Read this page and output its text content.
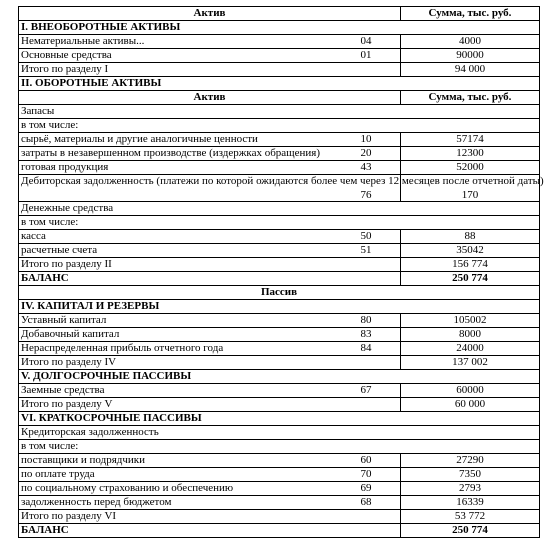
Актив		Сумма, тыс. руб.
I. ВНЕОБОРОТНЫЕ АКТИВЫ		
Нематериальные активы...	04	4000
Основные средства	01	90000
Итого по разделу I		94 000
II. ОБОРОТНЫЕ АКТИВЫ		
Актив		Сумма, тыс. руб.
Запасы		
в том числе:		
сырьё, материалы и другие аналогичные ценности	10	57174
затраты в незавершенном производстве (издержках обращения)	20	12300
готовая продукция	43	52000
Дебиторская задолженность (платежи по которой ожидаются более чем через 12 месяцев после отчетной даты)	76	170
Денежные средства		
в том числе:		
касса	50	88
расчетные счета	51	35042
Итого по разделу II		156 774
БАЛАНС		250 774
Пассив		
IV. КАПИТАЛ И РЕЗЕРВЫ		
Уставный капитал	80	105002
Добавочный капитал	83	8000
Нераспределенная прибыль отчетного года	84	24000
Итого по разделу IV		137 002
V. ДОЛГОСРОЧНЫЕ ПАССИВЫ		
Заемные средства	67	60000
Итого по разделу V		60 000
VI. КРАТКОСРОЧНЫЕ ПАССИВЫ		
Кредиторская задолженность		
в том числе:		
поставщики и подрядчики	60	27290
по оплате труда	70	7350
по социальному страхованию и обеспечению	69	2793
задолженность перед бюджетом	68	16339
Итого по разделу VI		53 772
БАЛАНС		250 774
